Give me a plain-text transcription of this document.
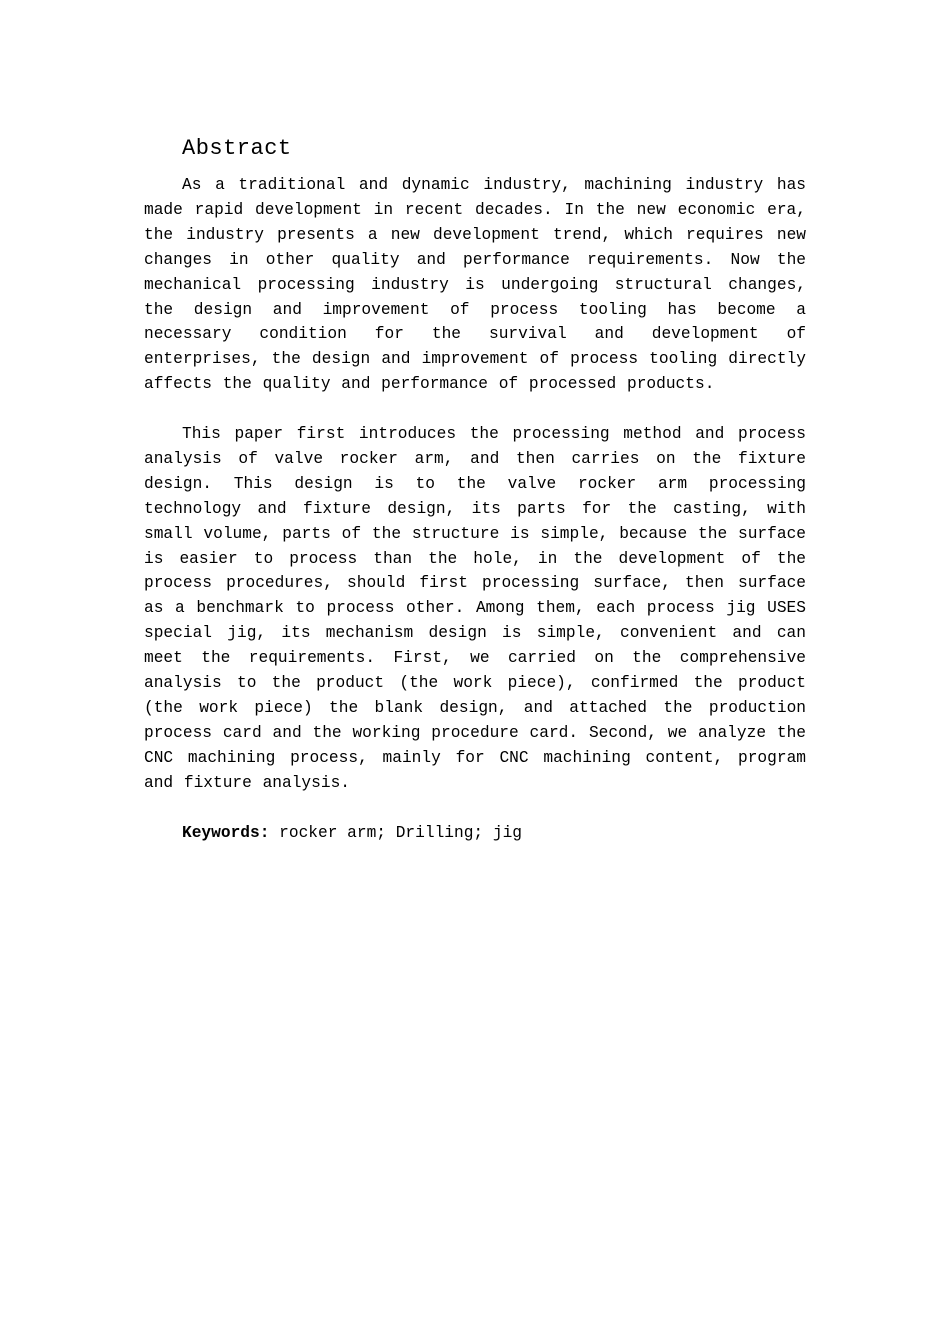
Abstract

As a traditional and dynamic industry, machining industry has made rapid development in recent decades. In the new economic era, the industry presents a new development trend, which requires new changes in other quality and performance requirements. Now the mechanical processing industry is undergoing structural changes, the design and improvement of process tooling has become a necessary condition for the survival and development of enterprises, the design and improvement of process tooling directly affects the quality and performance of processed products.

This paper first introduces the processing method and process analysis of valve rocker arm, and then carries on the fixture design. This design is to the valve rocker arm processing technology and fixture design, its parts for the casting, with small volume, parts of the structure is simple, because the surface is easier to process than the hole, in the development of the process procedures, should first processing surface, then surface as a benchmark to process other. Among them, each process jig USES special jig, its mechanism design is simple, convenient and can meet the requirements. First, we carried on the comprehensive analysis to the product (the work piece), confirmed the product (the work piece) the blank design, and attached the production process card and the working procedure card. Second, we analyze the CNC machining process, mainly for CNC machining content, program and fixture analysis.

Keywords: rocker arm; Drilling; jig
